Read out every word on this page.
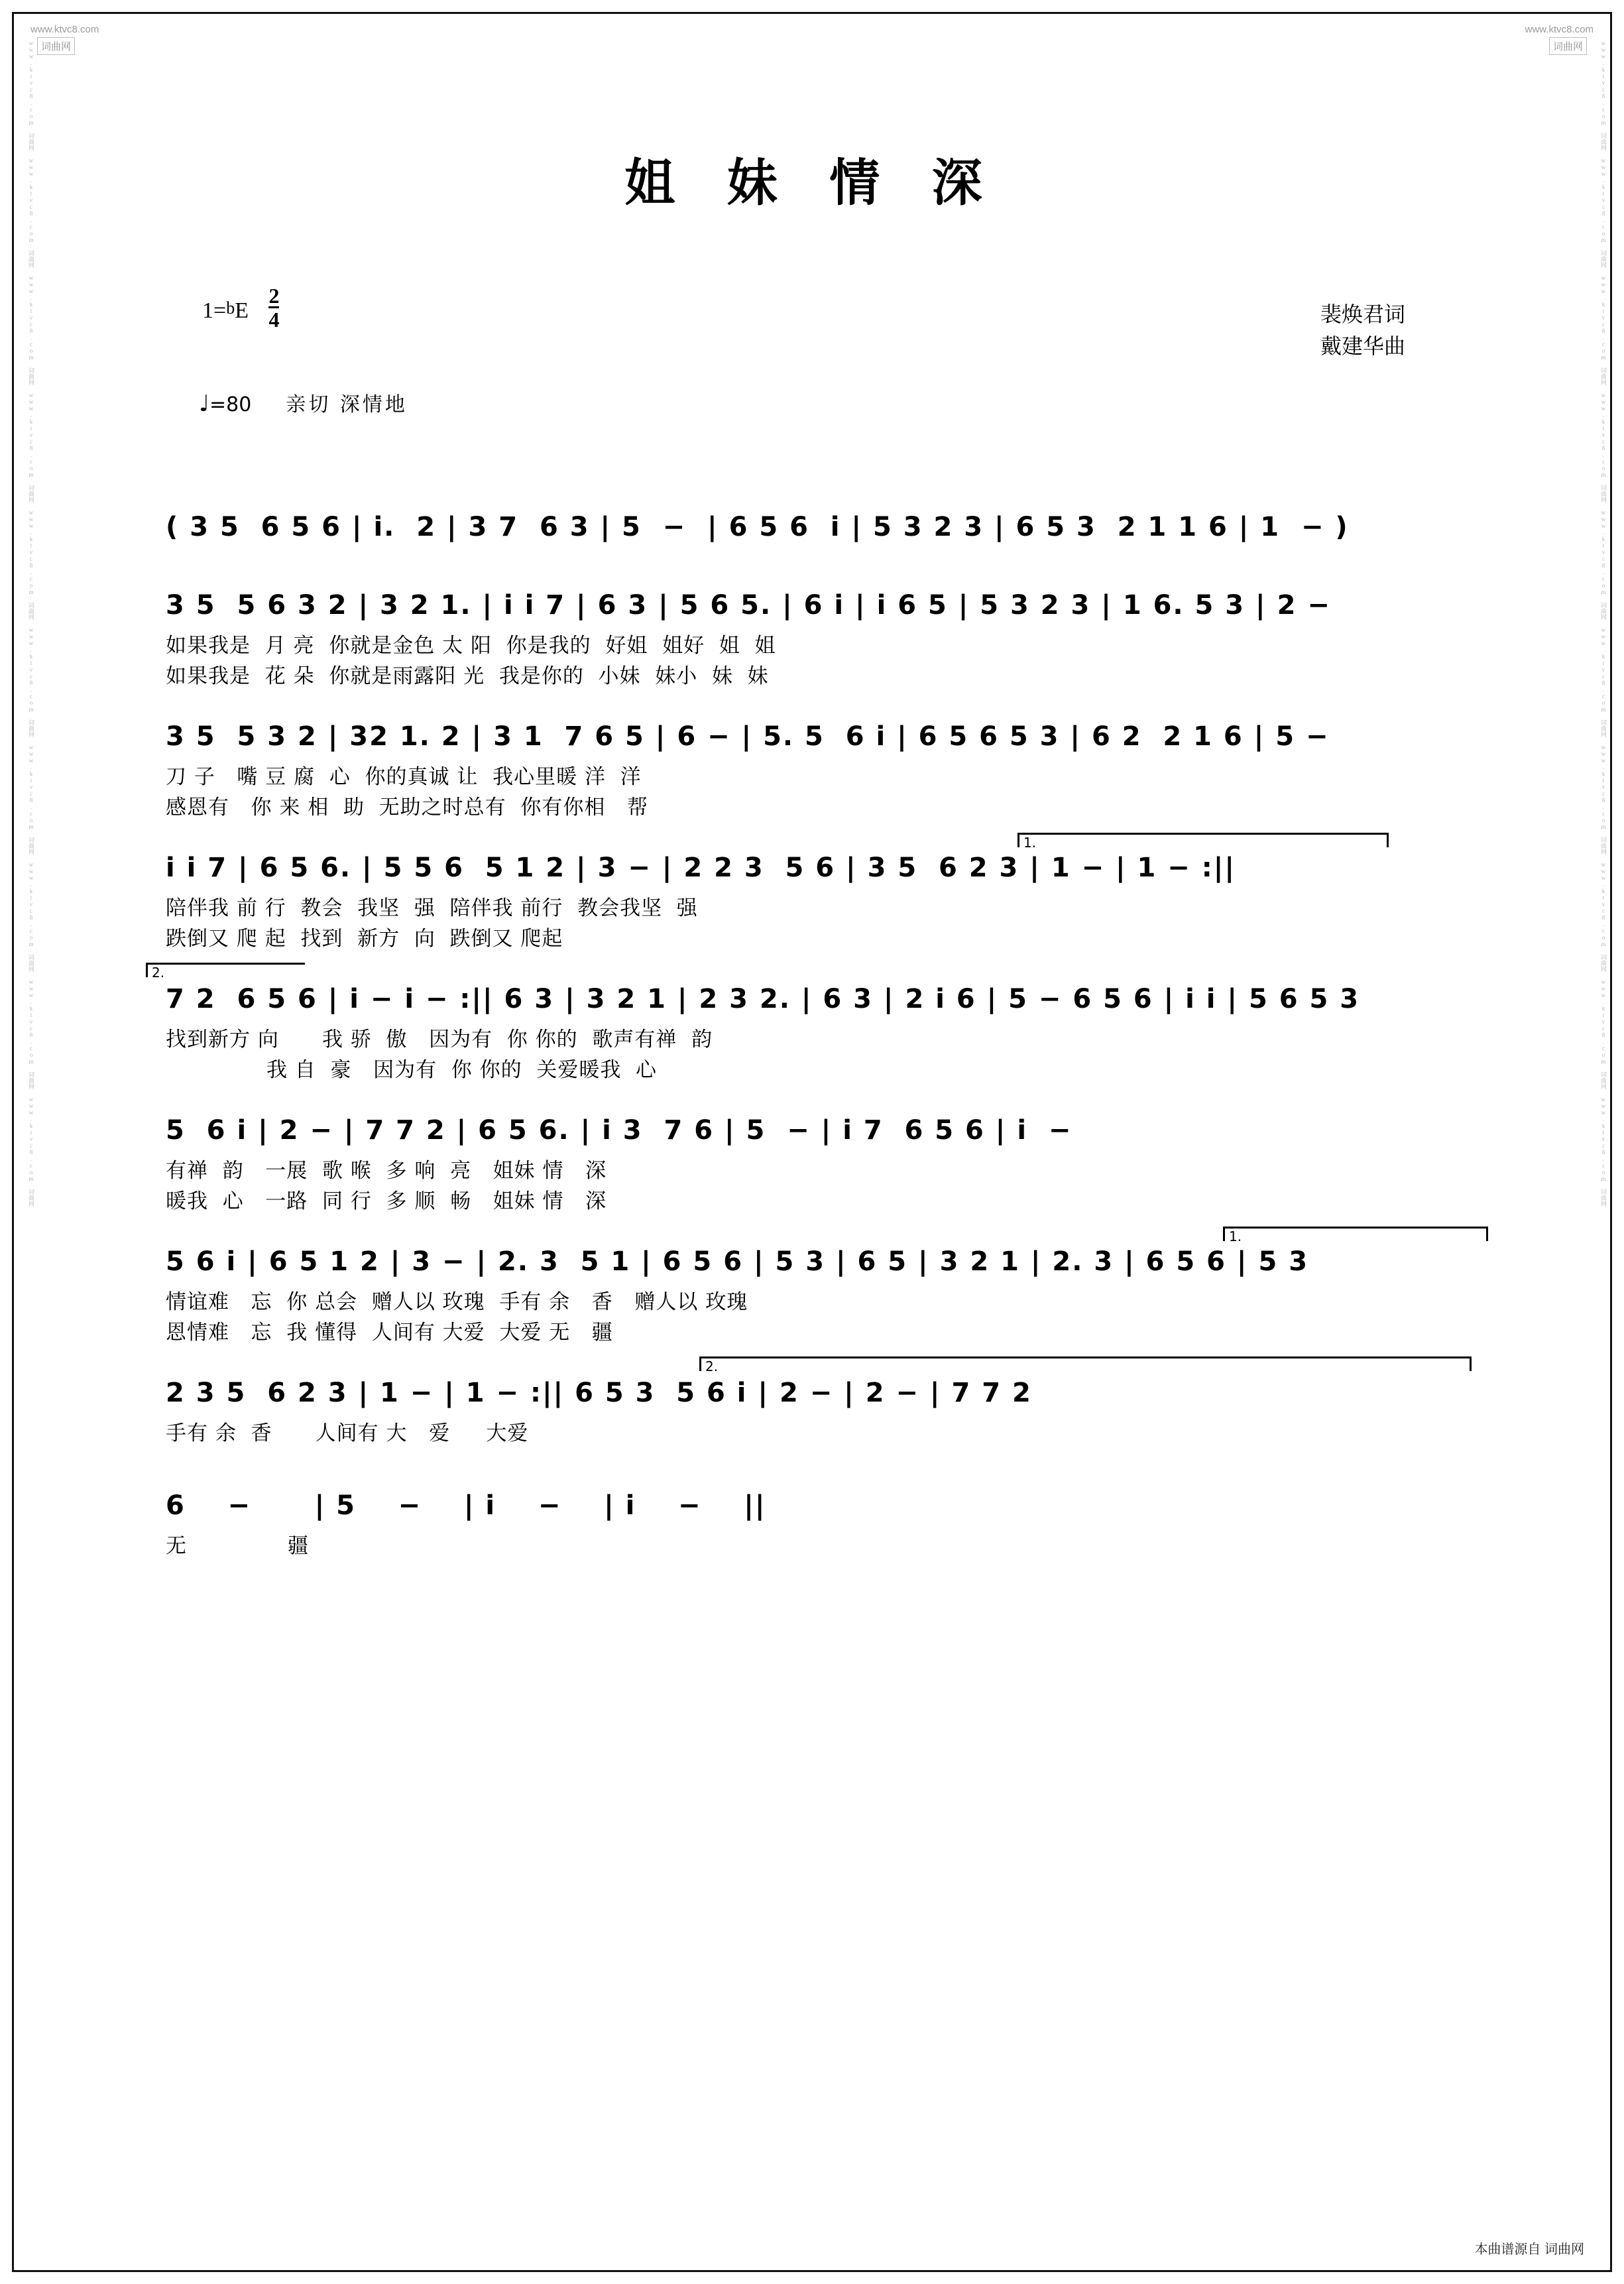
www.ktvc8.com 词曲网 www.ktvc8.com 词曲网 www.ktvc8.com 词曲网 www.ktvc8.com 词曲网 www.ktvc8.com 词曲网 www.ktvc8.com 词曲网 www.ktvc8.com 词曲网 www.ktvc8.com 词曲网 www.ktvc8.com 词曲网 www.ktvc8.com 词曲网	www.ktvc8.com 词曲网 www.ktvc8.com 词曲网 www.ktvc8.com 词曲网 www.ktvc8.com 词曲网 www.ktvc8.com 词曲网 www.ktvc8.com 词曲网 www.ktvc8.com 词曲网 www.ktvc8.com 词曲网 www.ktvc8.com 词曲网 www.ktvc8.com 词曲网
www.ktvc8.com
词曲网
www.ktvc8.com
词曲网
本曲谱源自 词曲网
姐 妹 情 深
$1=bE \frac{2}{4}$	裴焕君词
戴建华曲
♩=80 亲切 深情地
( 3 5  6 5 6 | i.  2 | 3 7  6 3 | 5  −  | 6 5 6  i | 5 3 2 3 | 6 5 3  2 1 1 6 | 1  − )
3 5  5 6 3 2 | 3 2 1. | i i 7 | 6 3 | 5 6 5. | 6 i | i 6 5 | 5 3 2 3 | 1 6. 5 3 | 2 −
如果我是  月 亮  你就是金色 太 阳  你是我的  好姐  姐好  姐  姐
如果我是  花 朵  你就是雨露阳 光  我是你的  小妹  妹小  妹  妹
3 5  5 3 2 | 32 1. 2 | 3 1  7 6 5 | 6 − | 5. 5  6 i | 6 5 6 5 3 | 6 2  2 1 6 | 5 −
刀 子   嘴 豆 腐  心  你的真诚 让  我心里暖 洋  洋
感恩有   你 来 相  助  无助之时总有  你有你相   帮
1.
i i 7 | 6 5 6. | 5 5 6  5 1 2 | 3 − | 2 2 3  5 6 | 3 5  6 2 3 | 1 − | 1 − :||
陪伴我 前 行  教会  我坚  强  陪伴我 前行  教会我坚  强
跌倒又 爬 起  找到  新方  向  跌倒又 爬起
2.
7 2  6 5 6 | i − i − :|| 6 3 | 3 2 1 | 2 3 2. | 6 3 | 2 i 6 | 5 − 6 5 6 | i i | 5 6 5 3
找到新方 向      我 骄  傲   因为有  你 你的  歌声有禅  韵
我 自  豪   因为有  你 你的  关爱暖我  心
5  6 i | 2 − | 7 7 2 | 6 5 6. | i 3  7 6 | 5  − | i 7  6 5 6 | i  −
有禅  韵   一展  歌 喉  多 响  亮   姐妹 情   深
暖我  心   一路  同 行  多 顺  畅   姐妹 情   深
1.
5 6 i | 6 5 1 2 | 3 − | 2. 3  5 1 | 6 5 6 | 5 3 | 6 5 | 3 2 1 | 2. 3 | 6 5 6 | 5 3
情谊难   忘  你 总会  赠人以 玫瑰  手有 余   香   赠人以 玫瑰
恩情难   忘  我 懂得  人间有 大爱  大爱 无   疆
2.
2 3 5  6 2 3 | 1 − | 1 − :|| 6 5 3  5 6 i | 2 − | 2 − | 7 7 2
手有 余  香      人间有 大   爱     大爱
6    −      | 5    −    | i    −    | i    −    ||
无              疆
